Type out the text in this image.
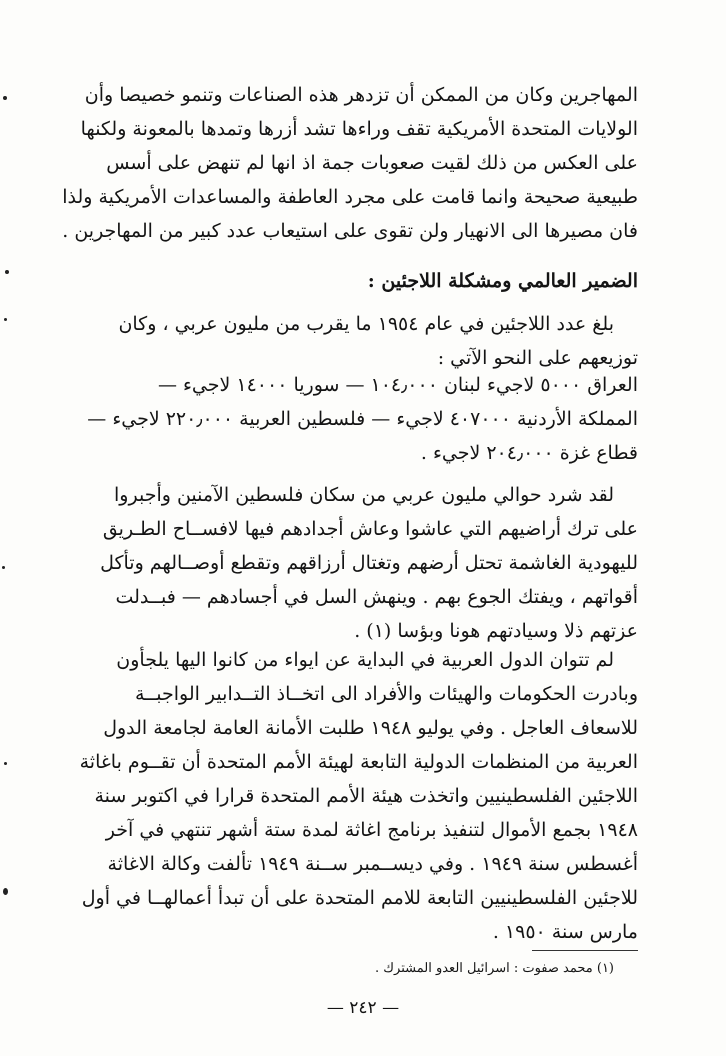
المهاجرين وكان من الممكن أن تزدهر هذه الصناعات وتنمو خصيصا وأن
الولايات المتحدة الأمريكية تقف وراءها تشد أزرها وتمدها بالمعونة ولكنها
على العكس من ذلك لقيت صعوبات جمة اذ انها لم تنهض على أسس
طبيعية صحيحة وانما قامت على مجرد العاطفة والمساعدات الأمريكية ولذا
فان مصيرها الى الانهيار ولن تقوى على استيعاب عدد كبير من المهاجرين .
الضمير العالمي ومشكلة اللاجئين :
بلغ عدد اللاجئين في عام ١٩٥٤ ما يقرب من مليون عربي ، وكان
توزيعهم على النحو الآتي :
العراق ٥٠٠٠ لاجيء لبنان ١٠٤٫٠٠٠ — سوريا ١٤٠٠٠ لاجيء —
المملكة الأردنية ٤٠٧٠٠٠ لاجيء — فلسطين العربية ٢٢٠٫٠٠٠ لاجيء —
قطاع غزة ٢٠٤٫٠٠٠ لاجيء .
لقد شرد حوالي مليون عربي من سكان فلسطين الآمنين وأجبروا
على ترك أراضيهم التي عاشوا وعاش أجدادهم فيها لافســاح الطـريق
لليهودية الغاشمة تحتل أرضهم وتغتال أرزاقهم وتقطع أوصــالهم وتأكل
أقواتهم ، ويفتك الجوع بهم . وينهش السل في أجسادهم — فبــدلت
عزتهم ذلا وسيادتهم هونا وبؤسا (١) .
لم تتوان الدول العربية في البداية عن ايواء من كانوا اليها يلجأون
وبادرت الحكومات والهيئات والأفراد الى اتخــاذ التــدابير الواجبــة
للاسعاف العاجل . وفي يوليو ١٩٤٨ طلبت الأمانة العامة لجامعة الدول
العربية من المنظمات الدولية التابعة لهيئة الأمم المتحدة أن تقــوم باغاثة
اللاجئين الفلسطينيين واتخذت هيئة الأمم المتحدة قرارا في اكتوبر سنة
١٩٤٨ بجمع الأموال لتنفيذ برنامج اغاثة لمدة ستة أشهر تنتهي في آخر
أغسطس سنة ١٩٤٩ . وفي ديســمبر ســنة ١٩٤٩ تألفت وكالة الاغاثة
للاجئين الفلسطينيين التابعة للامم المتحدة على أن تبدأ أعمالهــا في أول
مارس سنة ١٩٥٠ .
(١) محمد صفوت : اسرائيل العدو المشترك .
— ٢٤٢ —
